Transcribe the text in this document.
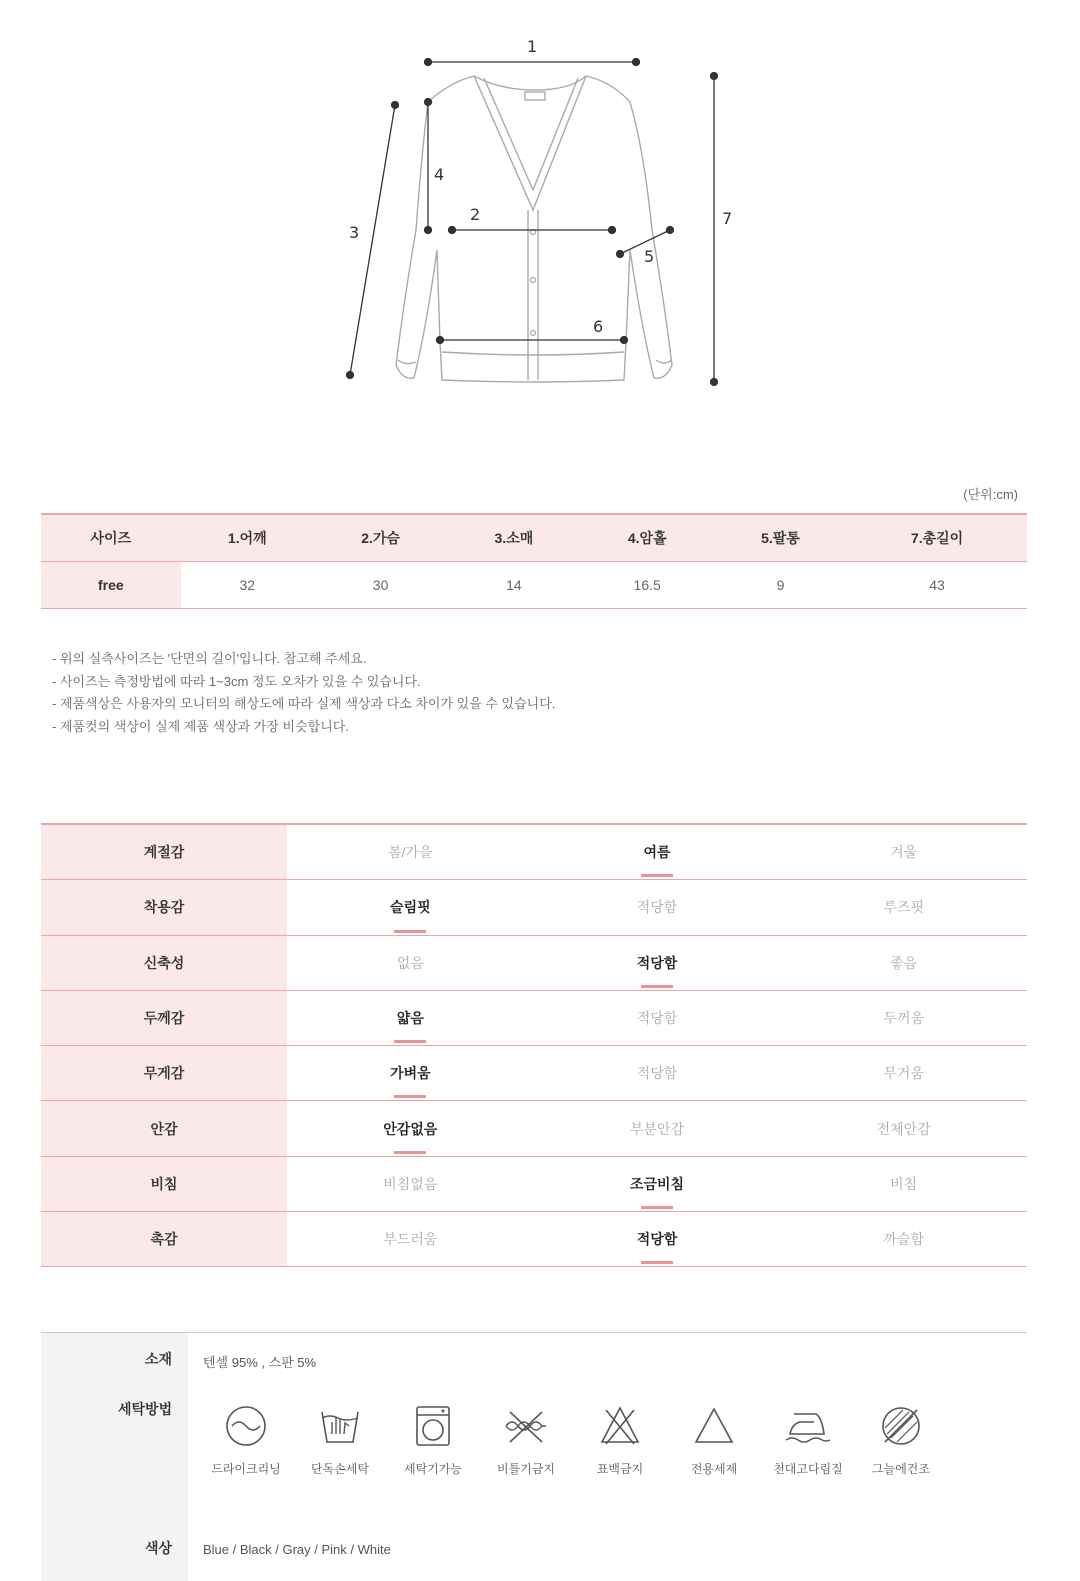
1
2
3
4
5
6
7
(단위:cm)
사이즈	1.어깨	2.가슴	3.소매	4.암홀	5.팔통	7.총길이
free	32	30	14	16.5	9	43
- 위의 실측사이즈는 '단면의 길이'입니다. 참고해 주세요.
- 사이즈는 측정방법에 따라 1~3cm 정도 오차가 있을 수 있습니다.
- 제품색상은 사용자의 모니터의 해상도에 따라 실제 색상과 다소 차이가 있을 수 있습니다.
- 제품컷의 색상이 실제 제품 색상과 가장 비슷합니다.
계절감	봄/가을	여름	겨울
착용감	슬림핏	적당함	루즈핏
신축성	없음	적당함	좋음
두께감	얇음	적당함	두꺼움
무게감	가벼움	적당함	무거움
안감	안감없음	부분안감	전체안감
비침	비침없음	조금비침	비침
촉감	부드러움	적당함	까슬함
소재 텐셀 95% , 스판 5%
세탁방법
색상 Blue / Black / Gray / Pink / White
드라이크리닝	단독손세탁	세탁기가능	비틀기금지	표백금지	전용세제	천대고다림질	그늘에건조
